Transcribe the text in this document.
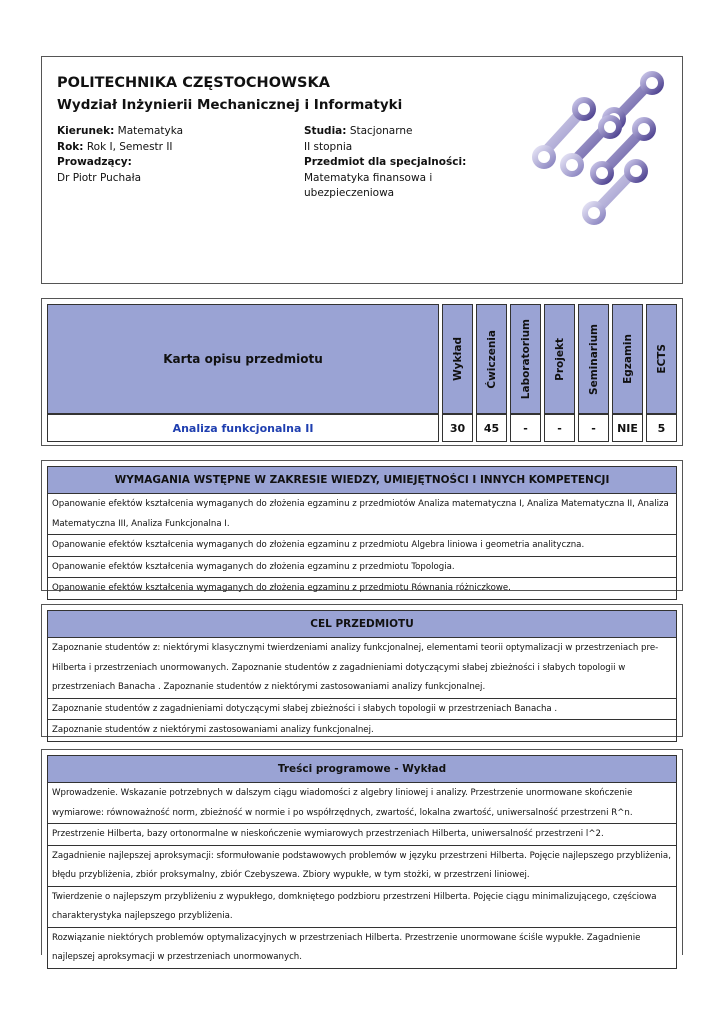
POLITECHNIKA CZĘSTOCHOWSKA
Wydział Inżynierii Mechanicznej i Informatyki
Kierunek: Matematyka
Rok: Rok I, Semestr II
Prowadzący:
Dr Piotr Puchała
Studia: Stacjonarne
II stopnia
Przedmiot dla specjalności:
Matematyka finansowa i ubezpieczeniowa
Karta opisu przedmiotu
Analiza funkcjonalna II
Wykład Ćwiczenia Laboratorium Projekt Seminarium Egzamin ECTS
30	45	-	-	-	NIE	5
WYMAGANIA WSTĘPNE W ZAKRESIE WIEDZY, UMIEJĘTNOŚCI I INNYCH KOMPETENCJI
Opanowanie efektów kształcenia wymaganych do złożenia egzaminu z przedmiotów Analiza matematyczna I, Analiza Matematyczna II, Analiza Matematyczna III, Analiza Funkcjonalna I.
Opanowanie efektów kształcenia wymaganych do złożenia egzaminu z przedmiotu Algebra liniowa i geometria analityczna.
Opanowanie efektów kształcenia wymaganych do złożenia egzaminu z przedmiotu Topologia.
Opanowanie efektów kształcenia wymaganych do złożenia egzaminu z przedmiotu Równania różniczkowe.
CEL PRZEDMIOTU
Zapoznanie studentów z: niektórymi klasycznymi twierdzeniami analizy funkcjonalnej, elementami teorii optymalizacji w przestrzeniach pre-Hilberta i przestrzeniach unormowanych. Zapoznanie studentów z zagadnieniami dotyczącymi słabej zbieżności i słabych topologii w przestrzeniach Banacha . Zapoznanie studentów z niektórymi zastosowaniami analizy funkcjonalnej.
Zapoznanie studentów z zagadnieniami dotyczącymi słabej zbieżności i słabych topologii w przestrzeniach Banacha .
Zapoznanie studentów z niektórymi zastosowaniami analizy funkcjonalnej.
Treści programowe - Wykład
Wprowadzenie. Wskazanie potrzebnych w dalszym ciągu wiadomości z algebry liniowej i analizy. Przestrzenie unormowane skończenie wymiarowe: równoważność norm, zbieżność w normie i po współrzędnych, zwartość, lokalna zwartość, uniwersalność przestrzeni R^n.
Przestrzenie Hilberta, bazy ortonormalne w nieskończenie wymiarowych przestrzeniach Hilberta, uniwersalność przestrzeni l^2.
Zagadnienie najlepszej aproksymacji: sformułowanie podstawowych problemów w języku przestrzeni Hilberta. Pojęcie najlepszego przybliżenia, błędu przybliżenia, zbiór proksymalny, zbiór Czebyszewa. Zbiory wypukłe, w tym stożki, w przestrzeni liniowej.
Twierdzenie o najlepszym przybliżeniu z wypukłego, domkniętego podzbioru przestrzeni Hilberta. Pojęcie ciągu minimalizującego, częściowa charakterystyka najlepszego przybliżenia.
Rozwiązanie niektórych problemów optymalizacyjnych w przestrzeniach Hilberta. Przestrzenie unormowane ściśle wypukłe. Zagadnienie najlepszej aproksymacji w przestrzeniach unormowanych.
